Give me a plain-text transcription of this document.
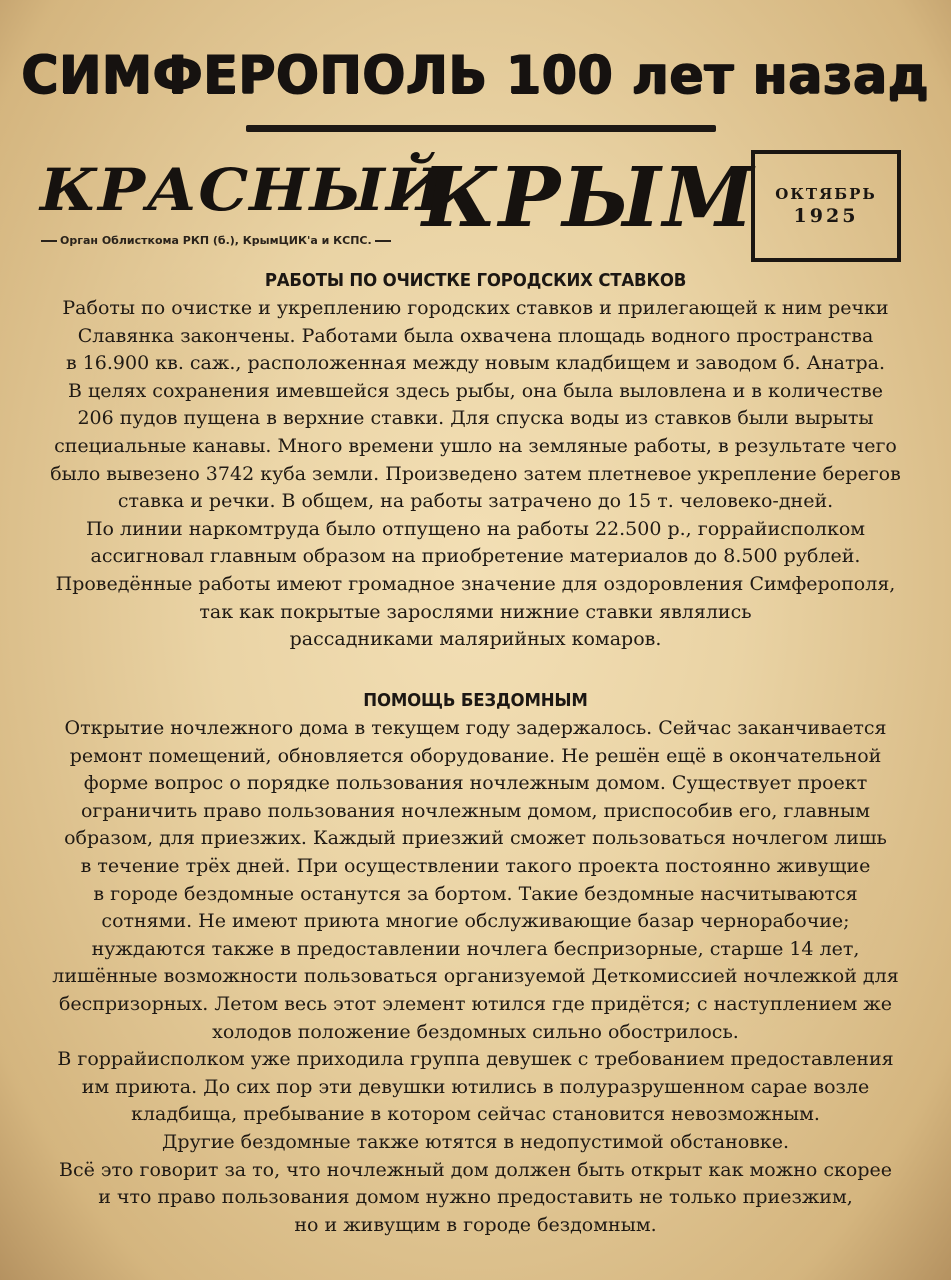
СИМФЕРОПОЛЬ 100 лет назад
КРАСНЫЙ
КРЫМ
Орган Облисткома РКП (б.), КрымЦИК'а и КСПС.
ОКТЯБРЬ
1925
РАБОТЫ ПО ОЧИСТКЕ ГОРОДСКИХ СТАВКОВ
Работы по очистке и укреплению городских ставков и прилегающей к ним речки
Славянка закончены. Работами была охвачена площадь водного пространства
в 16.900 кв. саж., расположенная между новым кладбищем и заводом б. Анатра.
В целях сохранения имевшейся здесь рыбы, она была выловлена и в количестве
206 пудов пущена в верхние ставки. Для спуска воды из ставков были вырыты
специальные канавы. Много времени ушло на земляные работы, в результате чего
было вывезено 3742 куба земли. Произведено затем плетневое укрепление берегов
ставка и речки. В общем, на работы затрачено до 15 т. человеко-дней.
По линии наркомтруда было отпущено на работы 22.500 р., горрайисполком
ассигновал главным образом на приобретение материалов до 8.500 рублей.
Проведённые работы имеют громадное значение для оздоровления Симферополя,
так как покрытые зарослями нижние ставки являлись
рассадниками малярийных комаров.
ПОМОЩЬ БЕЗДОМНЫМ
Открытие ночлежного дома в текущем году задержалось. Сейчас заканчивается
ремонт помещений, обновляется оборудование. Не решён ещё в окончательной
форме вопрос о порядке пользования ночлежным домом. Существует проект
ограничить право пользования ночлежным домом, приспособив его, главным
образом, для приезжих. Каждый приезжий сможет пользоваться ночлегом лишь
в течение трёх дней. При осуществлении такого проекта постоянно живущие
в городе бездомные останутся за бортом. Такие бездомные насчитываются
сотнями. Не имеют приюта многие обслуживающие базар чернорабочие;
нуждаются также в предоставлении ночлега беспризорные, старше 14 лет,
лишённые возможности пользоваться организуемой Деткомиссией ночлежкой для
беспризорных. Летом весь этот элемент ютился где придётся; с наступлением же
холодов положение бездомных сильно обострилось.
В горрайисполком уже приходила группа девушек с требованием предоставления
им приюта. До сих пор эти девушки ютились в полуразрушенном сарае возле
кладбища, пребывание в котором сейчас становится невозможным.
Другие бездомные также ютятся в недопустимой обстановке.
Всё это говорит за то, что ночлежный дом должен быть открыт как можно скорее
и что право пользования домом нужно предоставить не только приезжим,
но и живущим в городе бездомным.
